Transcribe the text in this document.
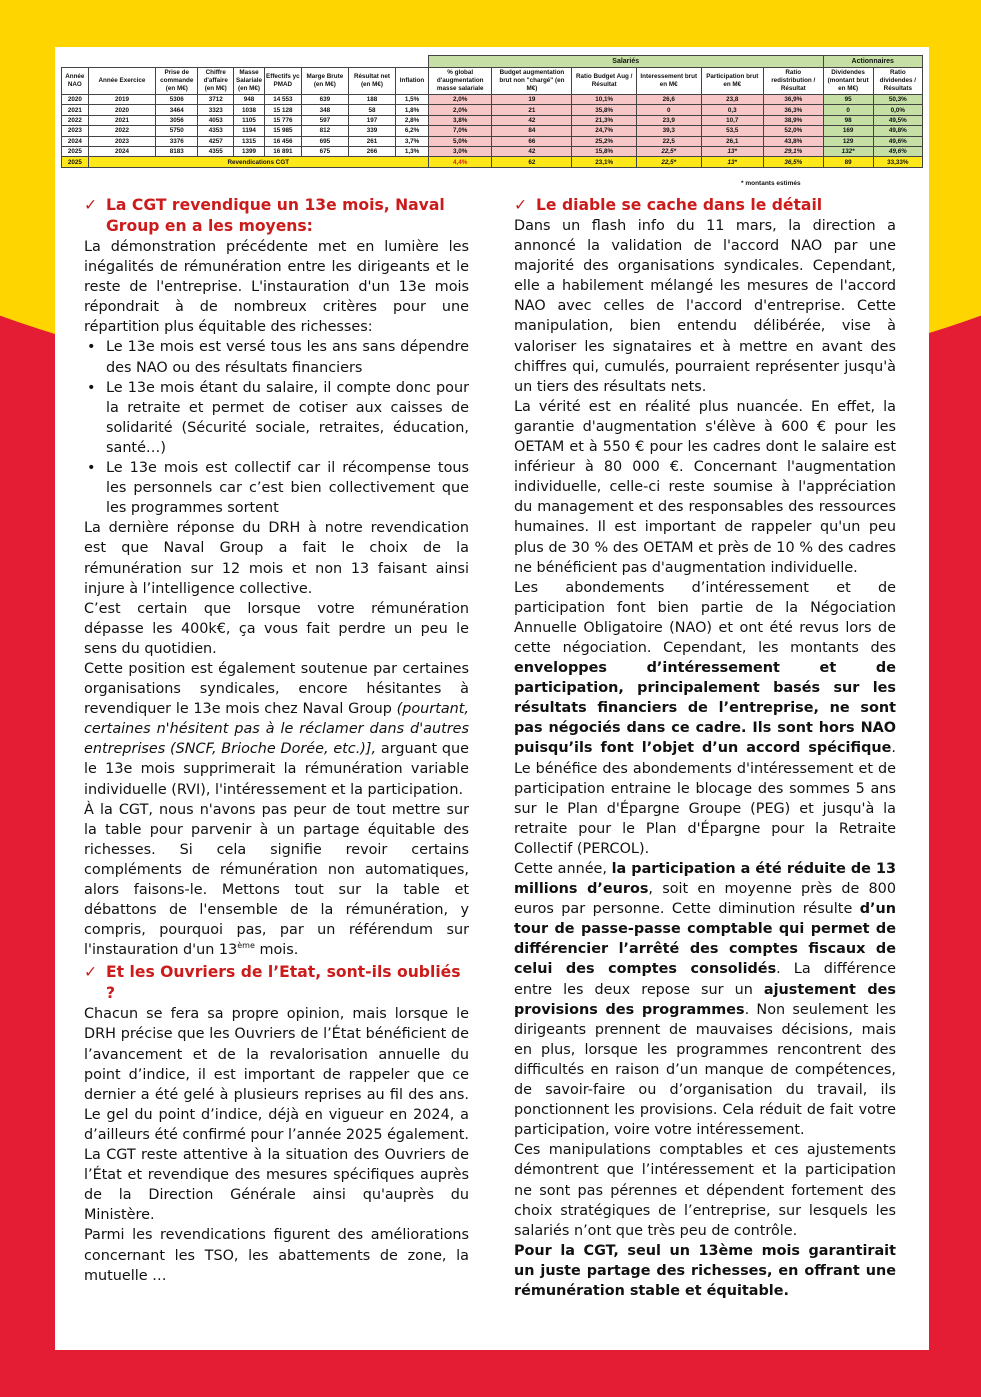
									Salariés						Actionnaires	
Année NAO	Année Exercice	Prise de commande (en M€)	Chiffre d'affaire (en M€)	Masse Salariale (en M€)	Effectifs yc PMAD	Marge Brute (en M€)	Résultat net (en M€)	Inflation	% global d'augmentation masse salariale	Budget augmentation brut non "chargé" (en M€)	Ratio Budget Aug / Résultat	Interessement brut en M€	Participation brut en M€	Ratio redistribution / Résultat	Dividendes (montant brut en M€)	Ratio dividendes / Résultats
2020	2019	5306	3712	948	14 553	639	188	1,5%	2,0%	19	10,1%	26,6	23,8	36,9%	95	50,3%
2021	2020	3464	3323	1038	15 128	348	58	1,8%	2,0%	21	35,8%	0	0,3	36,3%	0	0,0%
2022	2021	3056	4053	1105	15 776	597	197	2,8%	3,8%	42	21,3%	23,9	10,7	38,9%	98	49,5%
2023	2022	5750	4353	1194	15 985	812	339	6,2%	7,0%	84	24,7%	39,3	53,5	52,0%	169	49,8%
2024	2023	3376	4257	1315	16 456	695	261	3,7%	5,0%	66	25,2%	22,5	26,1	43,8%	129	49,6%
2025	2024	8183	4355	1399	16 891	675	266	1,3%	3,0%	42	15,8%	22,5*	13*	29,1%	132*	49,6%
2025	Revendications CGT								4,4%	62	23,1%	22,5*	13*	36,5%	89	33,33%
* montants estimés

✓ La CGT revendique un 13e mois, Naval Group en a les moyens:

La démonstration précédente met en lumière les inégalités de rémunération entre les dirigeants et le reste de l'entreprise. L'instauration d'un 13e mois répondrait à de nombreux critères pour une répartition plus équitable des richesses:

• Le 13e mois est versé tous les ans sans dépendre des NAO ou des résultats financiers
• Le 13e mois étant du salaire, il compte donc pour la retraite et permet de cotiser aux caisses de solidarité (Sécurité sociale, retraites, éducation, santé…)
• Le 13e mois est collectif car il récompense tous les personnels car c’est bien collectivement que les programmes sortent

La dernière réponse du DRH à notre revendication est que Naval Group a fait le choix de la rémunération sur 12 mois et non 13 faisant ainsi injure à l’intelligence collective.

C’est certain que lorsque votre rémunération dépasse les 400k€, ça vous fait perdre un peu le sens du quotidien.

Cette position est également soutenue par certaines organisations syndicales, encore hésitantes à revendiquer le 13e mois chez Naval Group (pourtant, certaines n'hésitent pas à le réclamer dans d'autres entreprises (SNCF, Brioche Dorée, etc.)], arguant que le 13e mois supprimerait la rémunération variable individuelle (RVI), l'intéressement et la participation.

À la CGT, nous n'avons pas peur de tout mettre sur la table pour parvenir à un partage équitable des richesses. Si cela signifie revoir certains compléments de rémunération non automatiques, alors faisons-le. Mettons tout sur la table et débattons de l'ensemble de la rémunération, y compris, pourquoi pas, par un référendum sur l'instauration d'un 13ème mois.

✓ Et les Ouvriers de l’Etat, sont-ils oubliés ?

Chacun se fera sa propre opinion, mais lorsque le DRH précise que les Ouvriers de l’État bénéficient de l’avancement et de la revalorisation annuelle du point d’indice, il est important de rappeler que ce dernier a été gelé à plusieurs reprises au fil des ans. Le gel du point d’indice, déjà en vigueur en 2024, a d’ailleurs été confirmé pour l’année 2025 également.

La CGT reste attentive à la situation des Ouvriers de l’État et revendique des mesures spécifiques auprès de la Direction Générale ainsi qu'auprès du Ministère.

Parmi les revendications figurent des améliorations concernant les TSO, les abattements de zone, la mutuelle …

✓ Le diable se cache dans le détail

Dans un flash info du 11 mars, la direction a annoncé la validation de l'accord NAO par une majorité des organisations syndicales. Cependant, elle a habilement mélangé les mesures de l'accord NAO avec celles de l'accord d'entreprise. Cette manipulation, bien entendu délibérée, vise à valoriser les signataires et à mettre en avant des chiffres qui, cumulés, pourraient représenter jusqu'à un tiers des résultats nets.

La vérité est en réalité plus nuancée. En effet, la garantie d'augmentation s'élève à 600 € pour les OETAM et à 550 € pour les cadres dont le salaire est inférieur à 80 000 €. Concernant l'augmentation individuelle, celle-ci reste soumise à l'appréciation du management et des responsables des ressources humaines. Il est important de rappeler qu'un peu plus de 30 % des OETAM et près de 10 % des cadres ne bénéficient pas d'augmentation individuelle.

Les abondements d’intéressement et de participation font bien partie de la Négociation Annuelle Obligatoire (NAO) et ont été revus lors de cette négociation. Cependant, les montants des enveloppes d’intéressement et de participation, principalement basés sur les résultats financiers de l’entreprise, ne sont pas négociés dans ce cadre. Ils sont hors NAO puisqu’ils font l’objet d’un accord spécifique. Le bénéfice des abondements d'intéressement et de participation entraine le blocage des sommes 5 ans sur le Plan d'Épargne Groupe (PEG) et jusqu'à la retraite pour le Plan d'Épargne pour la Retraite Collectif (PERCOL).

Cette année, la participation a été réduite de 13 millions d’euros, soit en moyenne près de 800 euros par personne. Cette diminution résulte d’un tour de passe-passe comptable qui permet de différencier l’arrêté des comptes fiscaux de celui des comptes consolidés. La différence entre les deux repose sur un ajustement des provisions des programmes. Non seulement les dirigeants prennent de mauvaises décisions, mais en plus, lorsque les programmes rencontrent des difficultés en raison d’un manque de compétences, de savoir-faire ou d’organisation du travail, ils ponctionnent les provisions. Cela réduit de fait votre participation, voire votre intéressement.

Ces manipulations comptables et ces ajustements démontrent que l’intéressement et la participation ne sont pas pérennes et dépendent fortement des choix stratégiques de l’entreprise, sur lesquels les salariés n’ont que très peu de contrôle.

Pour la CGT, seul un 13ème mois garantirait un juste partage des richesses, en offrant une rémunération stable et équitable.
